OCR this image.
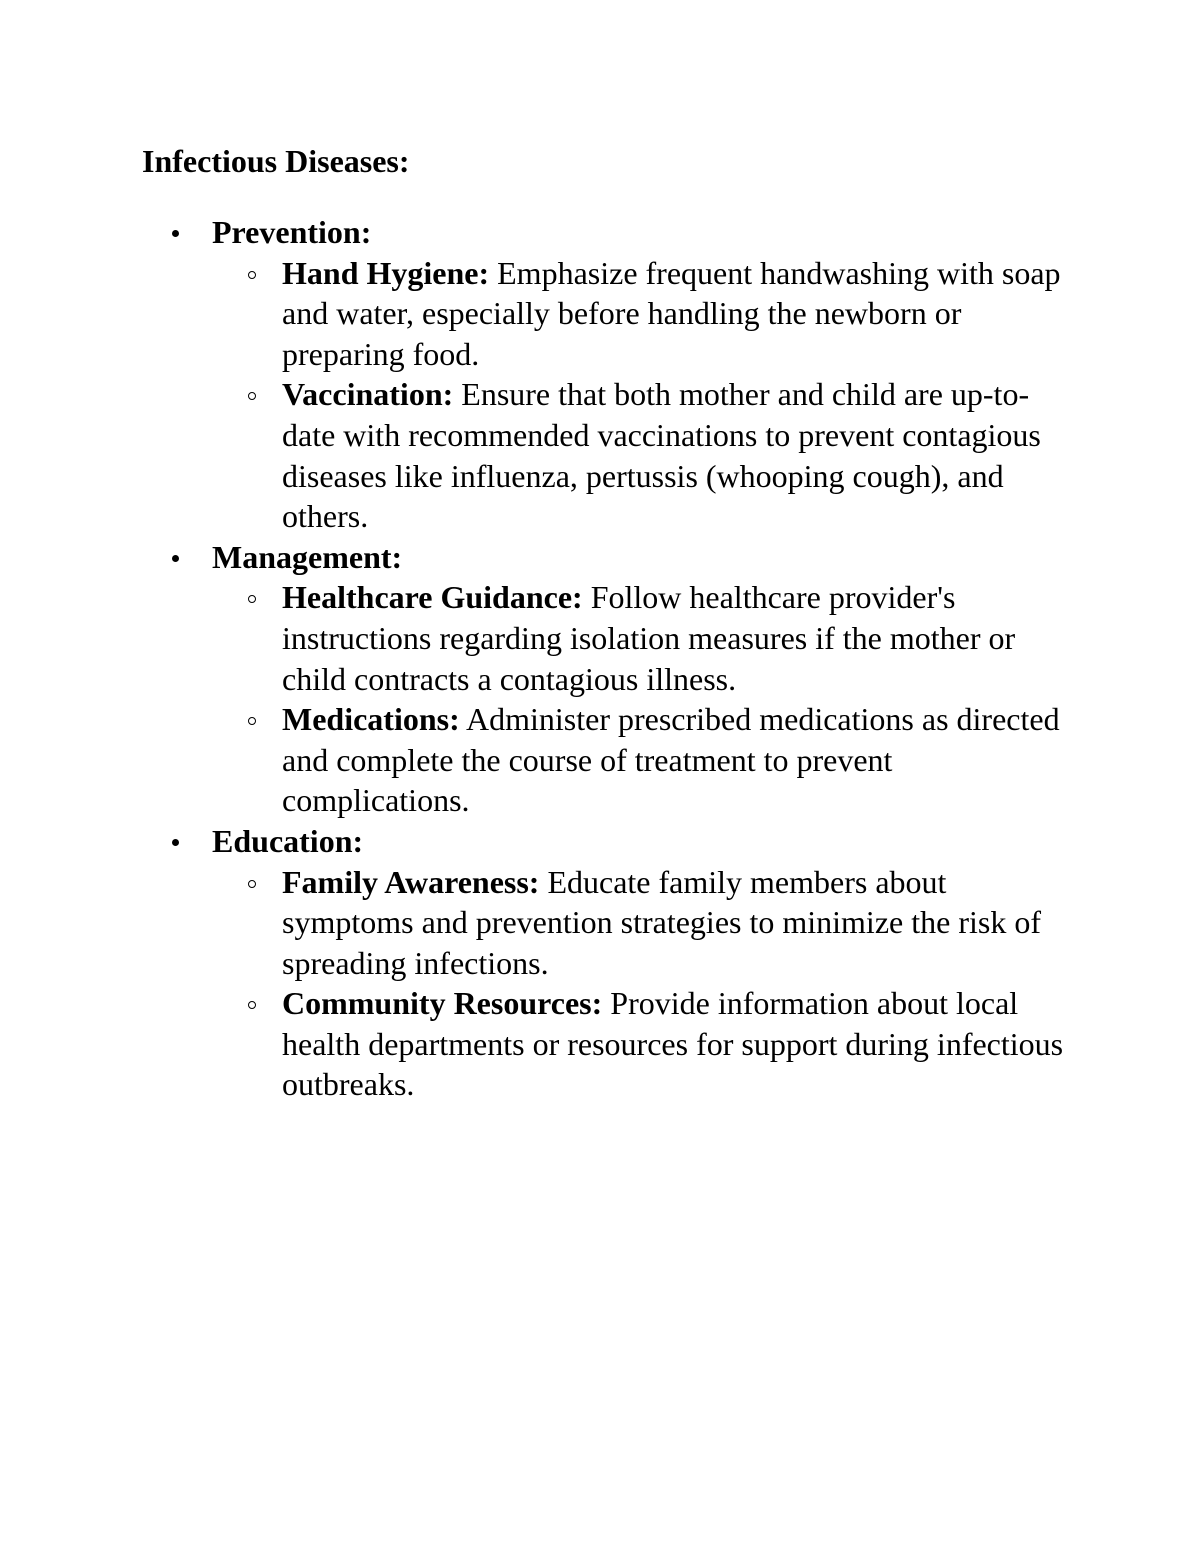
Infectious Diseases:
Prevention:
Hand Hygiene: Emphasize frequent handwashing with soap and water, especially before handling the newborn or preparing food.
Vaccination: Ensure that both mother and child are up-to-date with recommended vaccinations to prevent contagious diseases like influenza, pertussis (whooping cough), and others.
Management:
Healthcare Guidance: Follow healthcare provider's instructions regarding isolation measures if the mother or child contracts a contagious illness.
Medications: Administer prescribed medications as directed and complete the course of treatment to prevent complications.
Education:
Family Awareness: Educate family members about symptoms and prevention strategies to minimize the risk of spreading infections.
Community Resources: Provide information about local health departments or resources for support during infectious outbreaks.
